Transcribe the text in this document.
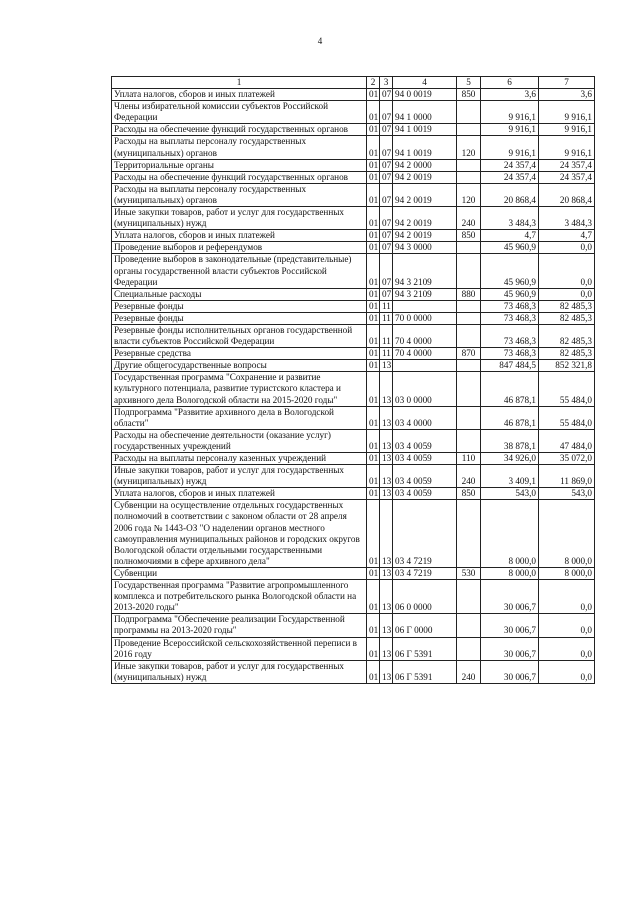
4
1	2	3	4	5	6	7
Уплата налогов, сборов и иных платежей	01	07	94 0 0019	850	3,6	3,6
Члены избирательной комиссии субъектов Российской Федерации	01	07	94 1 0000		9 916,1	9 916,1
Расходы на обеспечение функций государственных органов	01	07	94 1 0019		9 916,1	9 916,1
Расходы на выплаты персоналу государственных (муниципальных) органов	01	07	94 1 0019	120	9 916,1	9 916,1
Территориальные органы	01	07	94 2 0000		24 357,4	24 357,4
Расходы на обеспечение функций государственных органов	01	07	94 2 0019		24 357,4	24 357,4
Расходы на выплаты персоналу государственных (муниципальных) органов	01	07	94 2 0019	120	20 868,4	20 868,4
Иные закупки товаров, работ и услуг для государственных (муниципальных) нужд	01	07	94 2 0019	240	3 484,3	3 484,3
Уплата налогов, сборов и иных платежей	01	07	94 2 0019	850	4,7	4,7
Проведение выборов и референдумов	01	07	94 3 0000		45 960,9	0,0
Проведение выборов в законодательные (представительные) органы государственной власти субъектов Российской Федерации	01	07	94 3 2109		45 960,9	0,0
Специальные расходы	01	07	94 3 2109	880	45 960,9	0,0
Резервные фонды	01	11			73 468,3	82 485,3
Резервные фонды	01	11	70 0 0000		73 468,3	82 485,3
Резервные фонды исполнительных органов государственной власти субъектов Российской Федерации	01	11	70 4 0000		73 468,3	82 485,3
Резервные средства	01	11	70 4 0000	870	73 468,3	82 485,3
Другие общегосударственные вопросы	01	13			847 484,5	852 321,8
Государственная программа "Сохранение и развитие культурного потенциала, развитие туристского кластера и архивного дела Вологодской области на 2015-2020 годы"	01	13	03 0 0000		46 878,1	55 484,0
Подпрограмма "Развитие архивного дела в Вологодской области"	01	13	03 4 0000		46 878,1	55 484,0
Расходы на обеспечение деятельности (оказание услуг) государственных учреждений	01	13	03 4 0059		38 878,1	47 484,0
Расходы на выплаты персоналу казенных учреждений	01	13	03 4 0059	110	34 926,0	35 072,0
Иные закупки товаров, работ и услуг для государственных (муниципальных) нужд	01	13	03 4 0059	240	3 409,1	11 869,0
Уплата налогов, сборов и иных платежей	01	13	03 4 0059	850	543,0	543,0
Субвенции на осуществление отдельных государственных полномочий в соответствии с законом области от 28 апреля 2006 года № 1443-ОЗ "О наделении органов местного самоуправления муниципальных районов и городских округов Вологодской области отдельными государственными полномочиями в сфере архивного дела"	01	13	03 4 7219		8 000,0	8 000,0
Субвенции	01	13	03 4 7219	530	8 000,0	8 000,0
Государственная программа "Развитие агропромышленного комплекса и потребительского рынка Вологодской области на 2013-2020 годы"	01	13	06 0 0000		30 006,7	0,0
Подпрограмма "Обеспечение реализации Государственной программы на 2013-2020 годы"	01	13	06 Г 0000		30 006,7	0,0
Проведение Всероссийской сельскохозяйственной переписи в 2016 году	01	13	06 Г 5391		30 006,7	0,0
Иные закупки товаров, работ и услуг для государственных (муниципальных) нужд	01	13	06 Г 5391	240	30 006,7	0,0
